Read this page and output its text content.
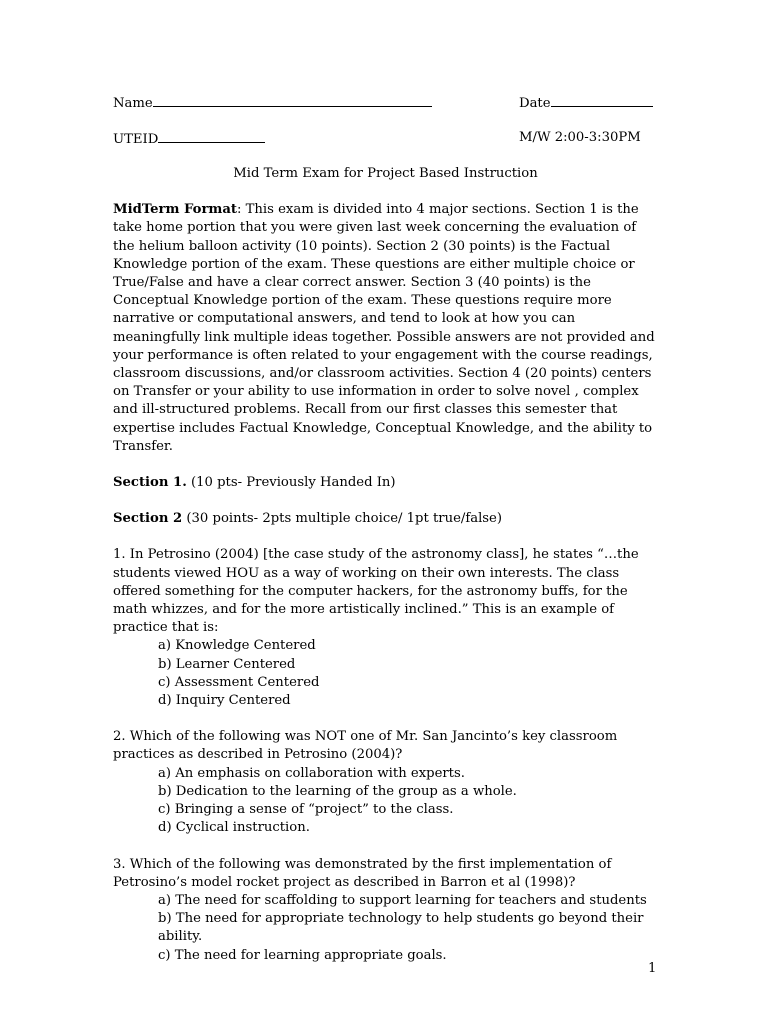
Name	Date
UTEID	M/W 2:00-3:30PM
Mid Term Exam for Project Based Instruction

MidTerm Format: This exam is divided into 4 major sections. Section 1 is the take home portion that you were given last week concerning the evaluation of the helium balloon activity (10 points). Section 2 (30 points) is the Factual Knowledge portion of the exam. These questions are either multiple choice or True/False and have a clear correct answer. Section 3 (40 points) is the Conceptual Knowledge portion of the exam. These questions require more narrative or computational answers, and tend to look at how you can meaningfully link multiple ideas together. Possible answers are not provided and your performance is often related to your engagement with the course readings, classroom discussions, and/or classroom activities. Section 4 (20 points) centers on Transfer or your ability to use information in order to solve novel , complex and ill-structured problems. Recall from our first classes this semester that expertise includes Factual Knowledge, Conceptual Knowledge, and the ability to Transfer.

Section 1. (10 pts- Previously Handed In)

Section 2 (30 points- 2pts multiple choice/ 1pt true/false)

1. In Petrosino (2004) [the case study of the astronomy class], he states “…the students viewed HOU as a way of working on their own interests. The class offered something for the computer hackers, for the astronomy buffs, for the math whizzes, and for the more artistically inclined.” This is an example of practice that is:
a) Knowledge Centered
b) Learner Centered
c) Assessment Centered
d) Inquiry Centered
2. Which of the following was NOT one of Mr. San Jancinto’s key classroom practices as described in Petrosino (2004)?
a) An emphasis on collaboration with experts.
b) Dedication to the learning of the group as a whole.
c) Bringing a sense of “project” to the class.
d) Cyclical instruction.
3. Which of the following was demonstrated by the first implementation of Petrosino’s model rocket project as described in Barron et al (1998)?
a) The need for scaffolding to support learning for teachers and students
b) The need for appropriate technology to help students go beyond their ability.
c) The need for learning appropriate goals.
1
